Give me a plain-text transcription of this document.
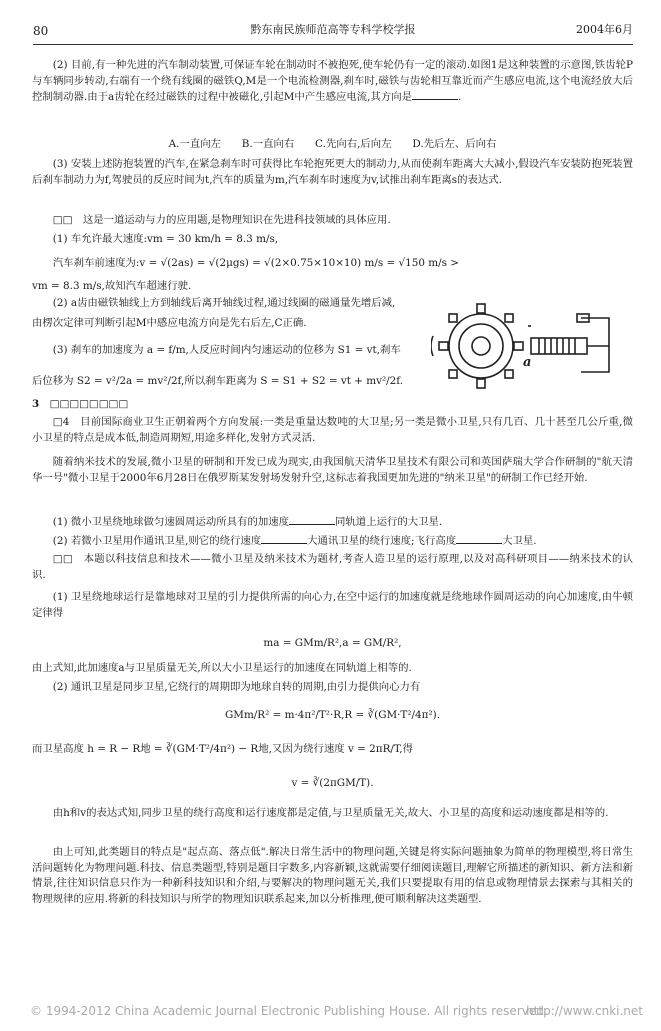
80	黔东南民族师范高等专科学校学报	2004年6月

(2) 目前,有一种先进的汽车制动装置,可保证车轮在制动时不被抱死,使车轮仍有一定的滚动.如图1是这种装置的示意图,铁齿轮P与车辆同步转动,右端有一个绕有线圈的磁铁Q,M是一个电流检测器,刹车时,磁铁与齿轮相互靠近而产生感应电流,这个电流经放大后控制制动器.由于a齿轮在经过磁铁的过程中被磁化,引起M中产生感应电流,其方向是	.

A.一直向左　　B.一直向右　　C.先向右,后向左　　D.先后左、后向右

(3) 安装上述防抱装置的汽车,在紧急刹车时可获得比车轮抱死更大的制动力,从而使刹车距离大大减小,假设汽车安装防抱死装置后刹车制动力为f,驾驶员的反应时间为t,汽车的质量为m,汽车刹车时速度为v,试推出刹车距离s的表达式.

□□　这是一道运动与力的应用题,是物理知识在先进科技领域的具体应用.

(1) 车允许最大速度:vm = 30 km/h = 8.3 m/s,

汽车刹车前速度为:v = √(2as) = √(2μgs) = √(2×0.75×10×10) m/s = √150 m/s >

vm = 8.3 m/s,故知汽车超速行驶.

(2) a齿由磁铁轴线上方到轴线后离开轴线过程,通过线圈的磁通量先增后减,

由楞次定律可判断引起M中感应电流方向是先右后左,C正确.

(3) 刹车的加速度为 a = f/m,人反应时间内匀速运动的位移为 S1 = vt,刹车

后位移为 S2 = v²/2a = mv²/2f,所以刹车距离为 S = S1 + S2 = vt + mv²/2f.

a

3　□□□□□□□□

□4　目前国际商业卫生正朝着两个方向发展:一类是重量达数吨的大卫星;另一类是微小卫星,只有几百、几十甚至几公斤重,微小卫星的特点是成本低,制造周期短,用途多样化,发射方式灵活.

随着纳米技术的发展,微小卫星的研制和开发已成为现实,由我国航天清华卫星技术有限公司和英国萨瑞大学合作研制的"航天清华一号"微小卫星于2000年6月28日在俄罗斯某发射场发射升空,这标志着我国更加先进的"纳米卫星"的研制工作已经开始.

(1) 微小卫星绕地球做匀速圆周运动所具有的加速度	同轨道上运行的大卫星.

(2) 若微小卫星用作通讯卫星,则它的绕行速度	大通讯卫星的绕行速度;飞行高度	大卫星.

□□　本题以科技信息和技术——微小卫星及纳米技术为题材,考查人造卫星的运行原理,以及对高科研项目——纳米技术的认识.

(1) 卫星绕地球运行是靠地球对卫星的引力提供所需的向心力,在空中运行的加速度就是绕地球作圆周运动的向心加速度,由牛顿定律得

ma = GMm/R²,a = GM/R²,

由上式知,此加速度a与卫星质量无关,所以大小卫星运行的加速度在同轨道上相等的.

(2) 通讯卫星是同步卫星,它绕行的周期即为地球自转的周期,由引力提供向心力有

GMm/R² = m·4π²/T²·R,R = ∛(GM·T²/4π²).

而卫星高度 h = R − R地 = ∛(GM·T²/4π²) − R地,又因为绕行速度 v = 2πR/T,得

v = ∛(2πGM/T).

由h和v的表达式知,同步卫星的绕行高度和运行速度都是定值,与卫星质量无关,故大、小卫星的高度和运动速度都是相等的.

由上可知,此类题目的特点是"起点高、落点低".解决日常生活中的物理问题,关键是将实际问题抽象为简单的物理模型,将日常生活问题转化为物理问题.科技、信息类题型,特别是题目字数多,内容新颖,这就需要仔细阅读题目,理解它所描述的新知识、新方法和新情景,往往知识信息只作为一种新科技知识和介绍,与要解决的物理问题无关,我们只要提取有用的信息或物理情景去探索与其相关的物理规律的应用.将新的科技知识与所学的物理知识联系起来,加以分析推理,便可顺利解决这类题型.

© 1994-2012 China Academic Journal Electronic Publishing House. All rights reserved.
http://www.cnki.net
